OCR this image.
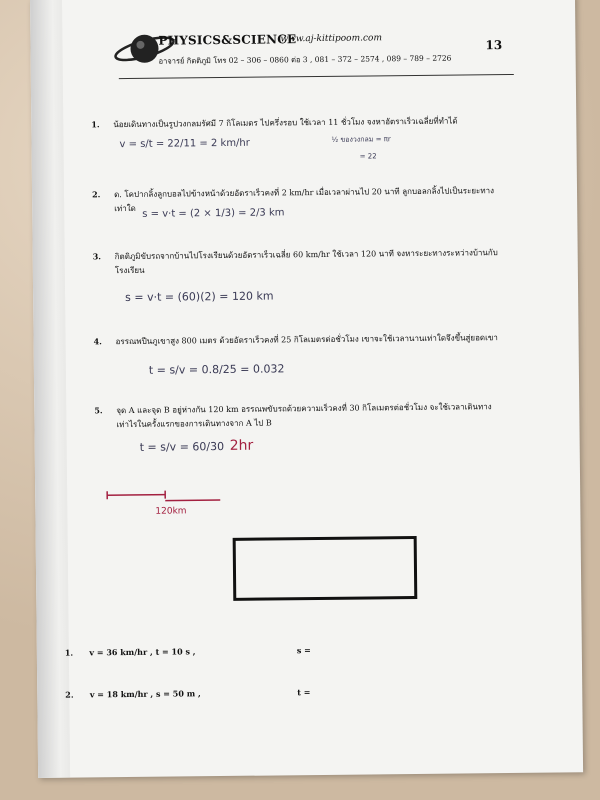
PHYSICS&SCIENCE
www.aj-kittipoom.com	13
อาจารย์ กิตติภูมิ โทร 02 – 306 – 0860 ต่อ 3 , 081 – 372 – 2574 , 089 – 789 – 2726
1. น้อยเดินทางเป็นรูปวงกลมรัศมี 7 กิโลเมตร ไปครึ่งรอบ ใช้เวลา 11 ชั่วโมง จงหาอัตราเร็วเฉลี่ยที่ทำได้
v = s/t = 22/11 = 2 km/hr	½ ของวงกลม = πr
= 22
2. ด. โคปากลิ้งลูกบอลไปข้างหน้าด้วยอัตราเร็วคงที่ 2 km/hr เมื่อเวลาผ่านไป 20 นาที ลูกบอลกลิ้งไปเป็นระยะทาง
เท่าใด s = v·t = (2 × 1/3) = 2/3 km
3. กิตติภูมิขับรถจากบ้านไปโรงเรียนด้วยอัตราเร็วเฉลี่ย 60 km/hr ใช้เวลา 120 นาที จงหาระยะทางระหว่างบ้านกับ
โรงเรียน
s = v·t = (60)(2) = 120 km
4. อรรณพปีนภูเขาสูง 800 เมตร ด้วยอัตราเร็วคงที่ 25 กิโลเมตรต่อชั่วโมง เขาจะใช้เวลานานเท่าใดจึงขึ้นสู่ยอดเขา
t = s/v = 0.8/25 = 0.032
5. จุด A และจุด B อยู่ห่างกัน 120 km อรรณพขับรถด้วยความเร็วคงที่ 30 กิโลเมตรต่อชั่วโมง จะใช้เวลาเดินทาง
เท่าไรในครั้งแรกของการเดินทางจาก A ไป B
t = s/v = 60/30 2hr
120km
1. v = 36 km/hr , t = 10 s ,	s =
2. v = 18 km/hr , s = 50 m ,	t =
